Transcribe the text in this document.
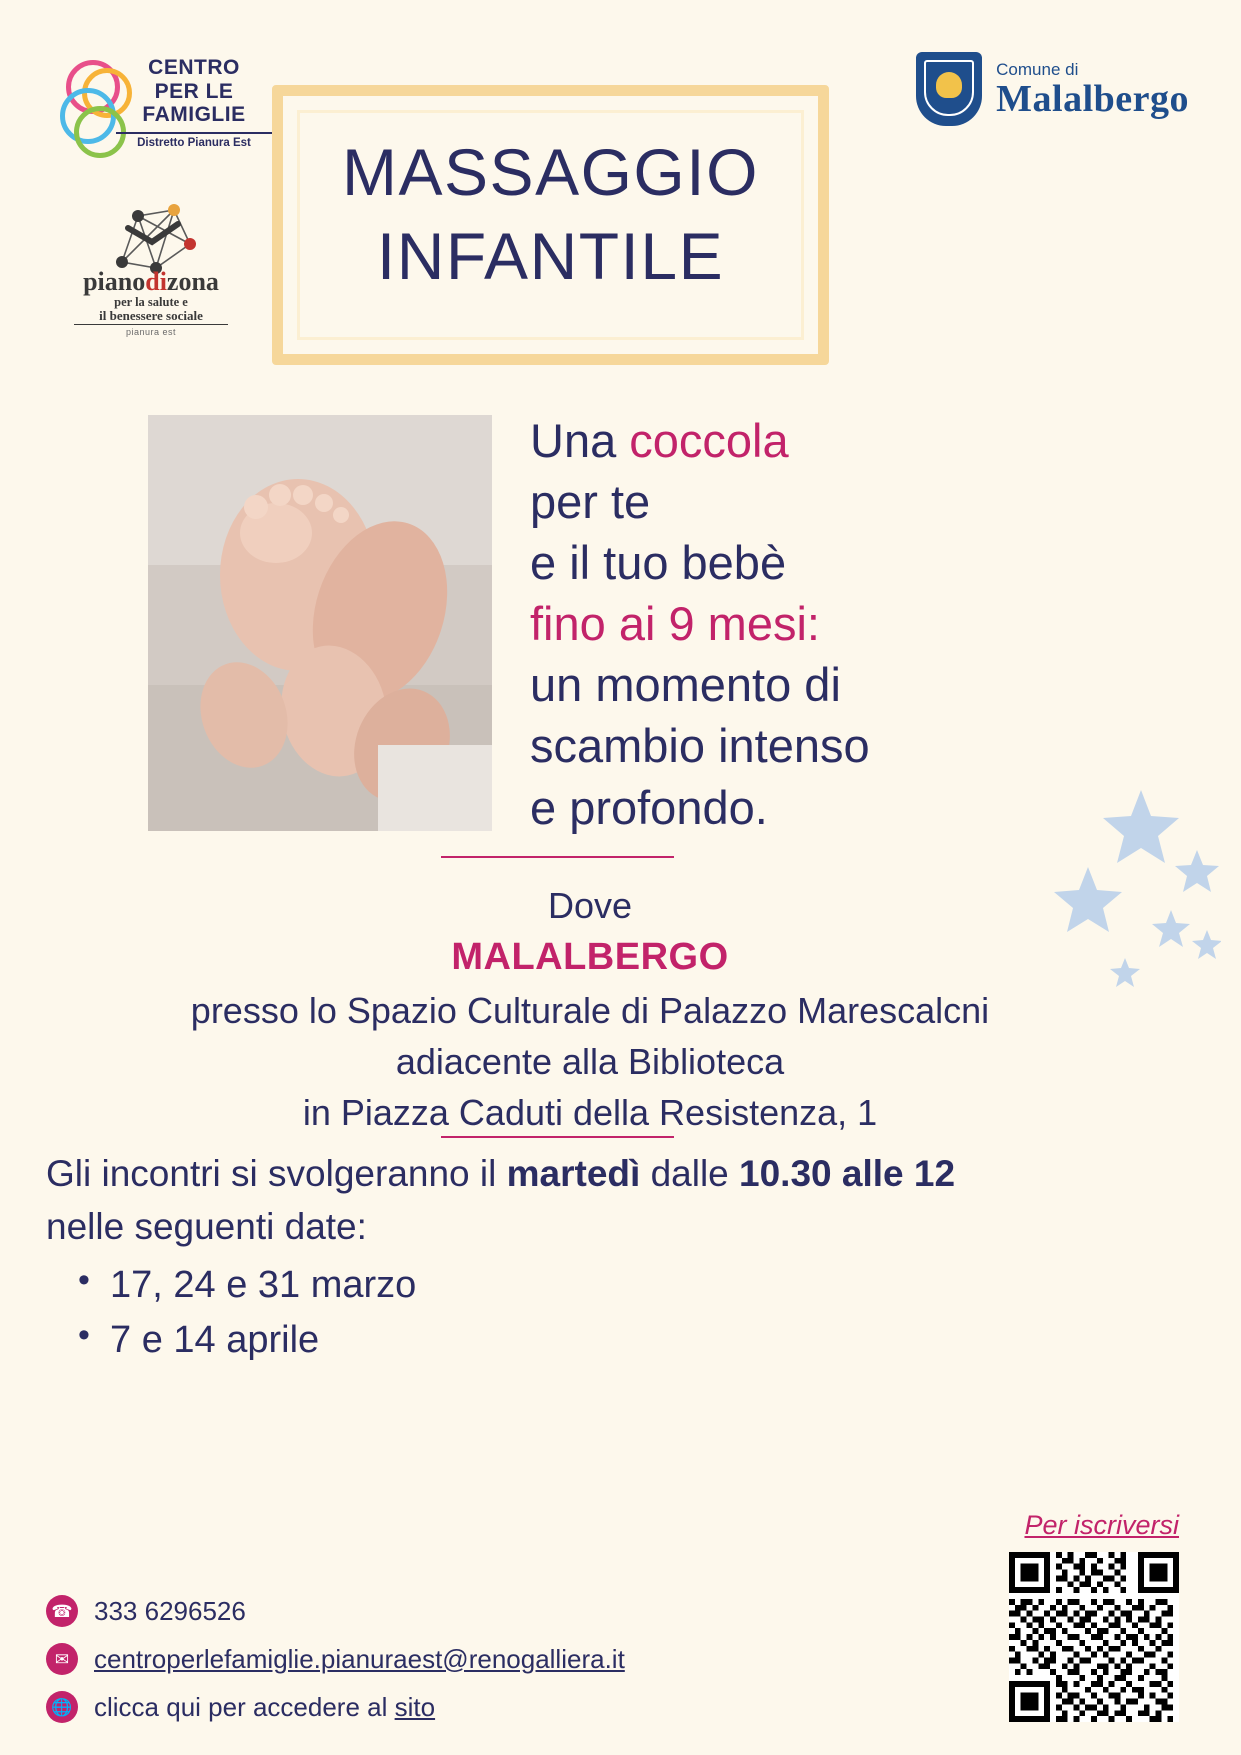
CENTRO
PER LE
FAMIGLIE
Distretto Pianura Est
pianodizona
per la salute e
il benessere sociale
pianura est
Comune di
Malalbergo
MASSAGGIO
INFANTILE
Una coccola
per te
e il tuo bebè
fino ai 9 mesi:
un momento di
scambio intenso
e profondo.
Dove
MALALBERGO
presso lo Spazio Culturale di Palazzo Marescalcni
adiacente alla Biblioteca
in Piazza Caduti della Resistenza, 1
Gli incontri si svolgeranno il martedì dalle 10.30 alle 12
nelle seguenti date:
• 17, 24 e 31 marzo
• 7 e 14 aprile
☎ 333 6296526
✉ centroperlefamiglie.pianuraest@renogalliera.it
🌐 clicca qui per accedere al sito
Per iscriversi
